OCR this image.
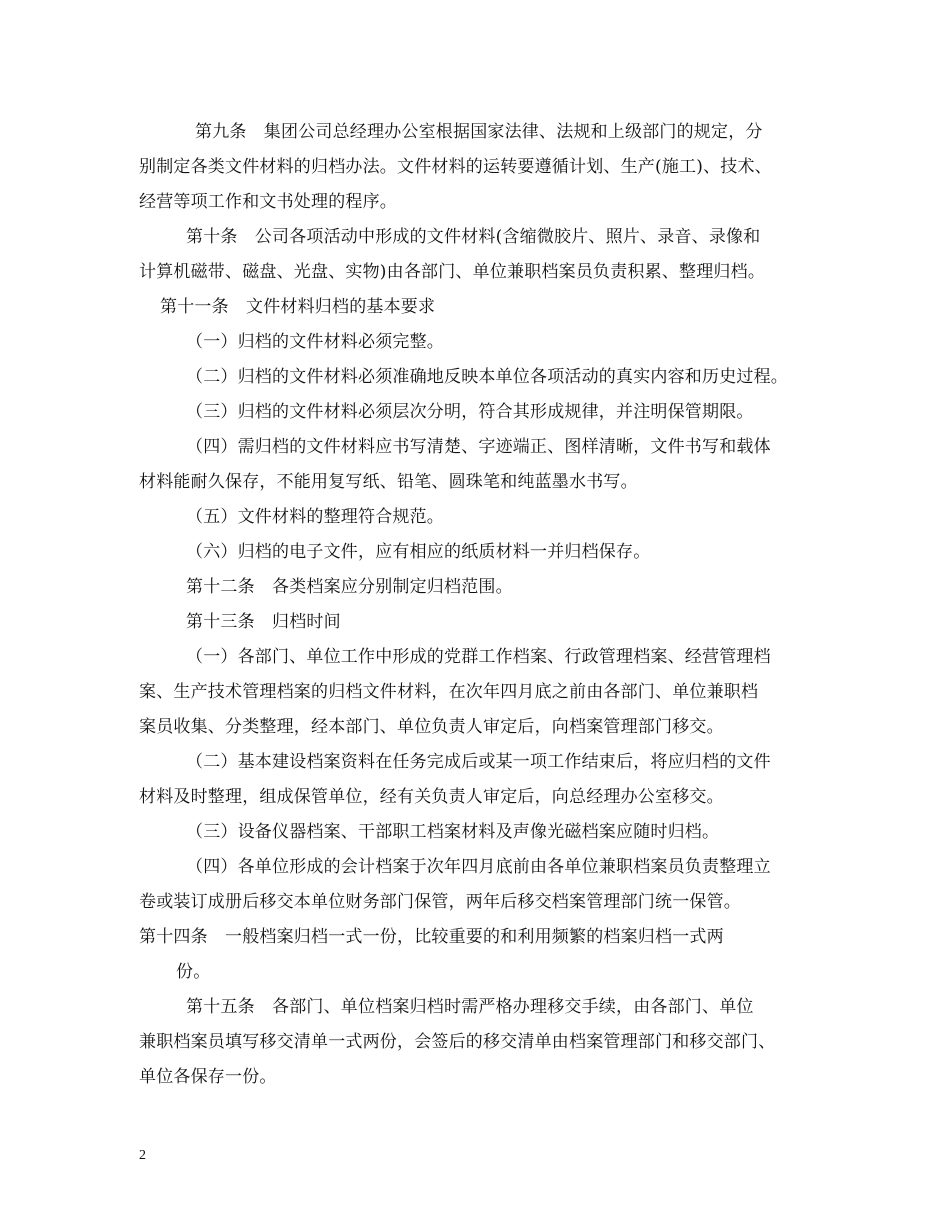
第九条　集团公司总经理办公室根据国家法律、法规和上级部门的规定，分
别制定各类文件材料的归档办法。文件材料的运转要遵循计划、生产(施工)、技术、
经营等项工作和文书处理的程序。
第十条　公司各项活动中形成的文件材料(含缩微胶片、照片、录音、录像和
计算机磁带、磁盘、光盘、实物)由各部门、单位兼职档案员负责积累、整理归档。
第十一条　文件材料归档的基本要求
（一）归档的文件材料必须完整。
（二）归档的文件材料必须准确地反映本单位各项活动的真实内容和历史过程。
（三）归档的文件材料必须层次分明，符合其形成规律，并注明保管期限。
（四）需归档的文件材料应书写清楚、字迹端正、图样清晰，文件书写和载体
材料能耐久保存，不能用复写纸、铅笔、圆珠笔和纯蓝墨水书写。
（五）文件材料的整理符合规范。
（六）归档的电子文件，应有相应的纸质材料一并归档保存。
第十二条　各类档案应分别制定归档范围。
第十三条　归档时间
（一）各部门、单位工作中形成的党群工作档案、行政管理档案、经营管理档
案、生产技术管理档案的归档文件材料，在次年四月底之前由各部门、单位兼职档
案员收集、分类整理，经本部门、单位负责人审定后，向档案管理部门移交。
（二）基本建设档案资料在任务完成后或某一项工作结束后，将应归档的文件
材料及时整理，组成保管单位，经有关负责人审定后，向总经理办公室移交。
（三）设备仪器档案、干部职工档案材料及声像光磁档案应随时归档。
（四）各单位形成的会计档案于次年四月底前由各单位兼职档案员负责整理立
卷或装订成册后移交本单位财务部门保管，两年后移交档案管理部门统一保管。
第十四条　一般档案归档一式一份，比较重要的和利用频繁的档案归档一式两
份。
第十五条　各部门、单位档案归档时需严格办理移交手续，由各部门、单位
兼职档案员填写移交清单一式两份，会签后的移交清单由档案管理部门和移交部门、
单位各保存一份。
2
